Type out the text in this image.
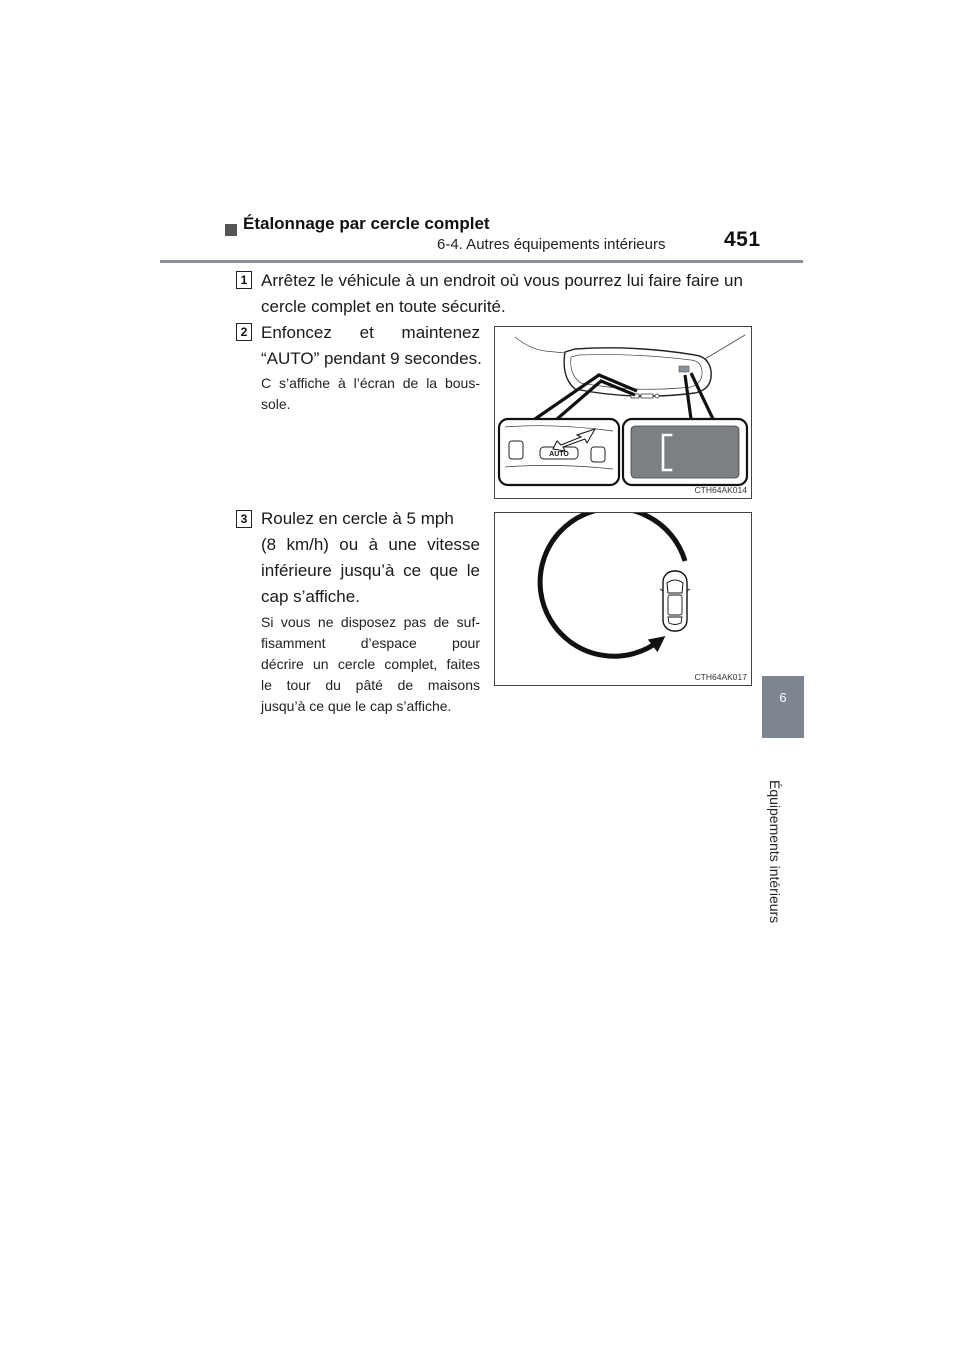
6-4. Autres équipements intérieurs	451
6
Équipements intérieurs
Étalonnage par cercle complet
1 Arrêtez le véhicule à un endroit où vous pourrez lui faire faire un cercle complet en toute sécurité.
2 Enfoncez et maintenez
“AUTO” pendant 9 secondes.
C s’affiche à l’écran de la bous-
sole.
AUTO
CTH64AK014
3 Roulez en cercle à 5 mph
(8 km/h) ou à une vitesse
inférieure jusqu’à ce que le
cap s’affiche.
Si vous ne disposez pas de suf-
fisamment d’espace pour
décrire un cercle complet, faites
le tour du pâté de maisons
jusqu’à ce que le cap s’affiche.
CTH64AK017
